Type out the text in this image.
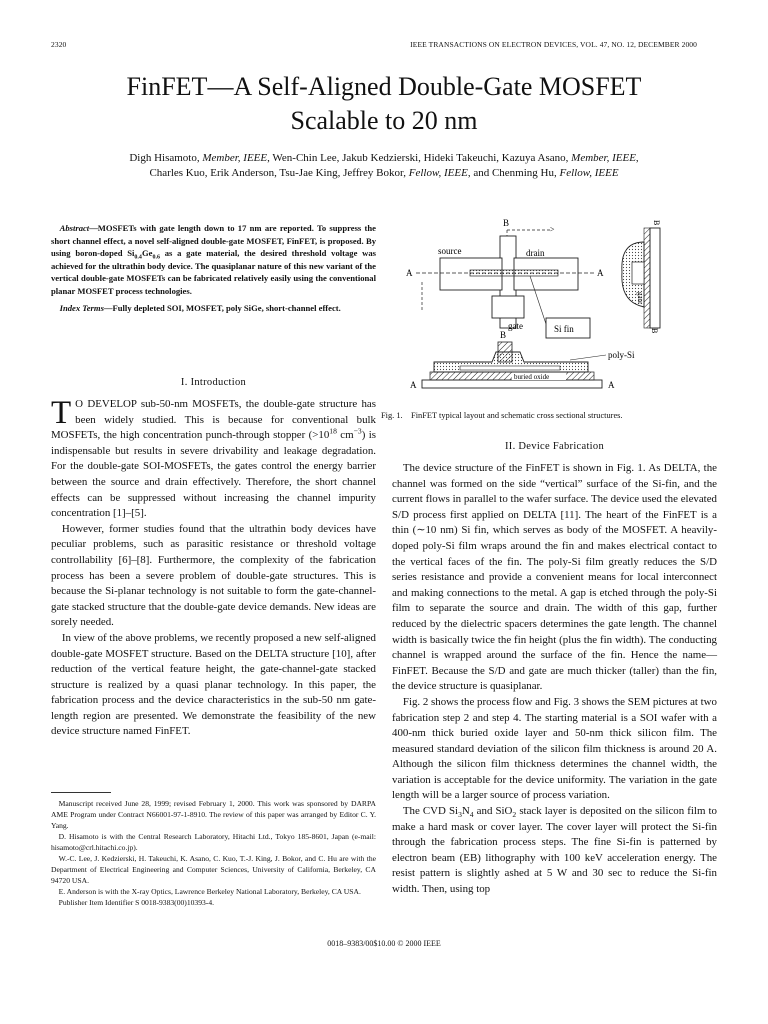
2320	IEEE TRANSACTIONS ON ELECTRON DEVICES, VOL. 47, NO. 12, DECEMBER 2000
FinFET—A Self-Aligned Double-Gate MOSFET
Scalable to 20 nm
Digh Hisamoto, Member, IEEE, Wen-Chin Lee, Jakub Kedzierski, Hideki Takeuchi, Kazuya Asano, Member, IEEE,
Charles Kuo, Erik Anderson, Tsu-Jae King, Jeffrey Bokor, Fellow, IEEE, and Chenming Hu, Fellow, IEEE

Abstract—MOSFETs with gate length down to 17 nm are reported. To suppress the short channel effect, a novel self-aligned double-gate MOSFET, FinFET, is proposed. By using boron-doped $Si_{0.4}Ge_{0.6}$ as a gate material, the desired threshold voltage was achieved for the ultrathin body device. The quasiplanar nature of this new variant of the vertical double-gate MOSFETs can be fabricated relatively easily using the conventional planar MOSFET process technologies.

Index Terms—Fully depleted SOI, MOSFET, poly SiGe, short-channel effect.

I. Introduction

T O DEVELOP sub-50-nm MOSFETs, the double-gate structure has been widely studied. This is because for conventional bulk MOSFETs, the high concentration punch-through stopper ($>10^{18}$ $cm^{-3}$) is indispensable but results in severe drivability and leakage degradation. For the double-gate SOI-MOSFETs, the gates control the energy barrier between the source and drain effectively. Therefore, the short channel effects can be suppressed without increasing the channel impurity concentration [1]–[5].

However, former studies found that the ultrathin body devices have peculiar problems, such as parasitic resistance or threshold voltage controllability [6]–[8]. Furthermore, the complexity of the fabrication process has been a severe problem of double-gate structures. This is because the Si-planar technology is not suitable to form the gate-channel-gate stacked structure that the double-gate device demands. New ideas are sorely needed.

In view of the above problems, we recently proposed a new self-aligned double-gate MOSFET structure. Based on the DELTA structure [10], after reduction of the vertical feature height, the gate-channel-gate stacked structure is realized by a quasi planar technology. In this paper, the fabrication process and the device characteristics in the sub-50 nm gate-length region are presented. We demonstrate the feasibility of the new device structure named FinFET.

Manuscript received June 28, 1999; revised February 1, 2000. This work was sponsored by DARPA AME Program under Contract N66001-97-1-8910. The review of this paper was arranged by Editor C. Y. Yang.

D. Hisamoto is with the Central Research Laboratory, Hitachi Ltd., Tokyo 185-8601, Japan (e-mail: hisamoto@crl.hitachi.co.jp).

W.-C. Lee, J. Kedzierski, H. Takeuchi, K. Asano, C. Kuo, T.-J. King, J. Bokor, and C. Hu are with the Department of Electrical Engineering and Computer Sciences, University of California, Berkeley, CA 94720 USA.

E. Anderson is with the X-ray Optics, Lawrence Berkeley National Laboratory, Berkeley, CA USA.

Publisher Item Identifier S 0018-9383(00)10393-4.

B
>
source	drain
A	A
gate
B
Si fin
B
gate
B
buried oxide
poly-Si
A	A
Fig. 1. FinFET typical layout and schematic cross sectional structures.
II. Device Fabrication

The device structure of the FinFET is shown in Fig. 1. As DELTA, the channel was formed on the side “vertical” surface of the Si-fin, and the current flows in parallel to the wafer surface. The device used the elevated S/D process first applied on DELTA [11]. The heart of the FinFET is a thin (∼10 nm) Si fin, which serves as body of the MOSFET. A heavily-doped poly-Si film wraps around the fin and makes electrical contact to the vertical faces of the fin. The poly-Si film greatly reduces the S/D series resistance and provide a convenient means for local interconnect and making connections to the metal. A gap is etched through the poly-Si film to separate the source and drain. The width of this gap, further reduced by the dielectric spacers determines the gate length. The channel width is basically twice the fin height (plus the fin width). The conducting channel is wrapped around the surface of the fin. Hence the name—FinFET. Because the S/D and gate are much thicker (taller) than the fin, the device structure is quasiplanar.

Fig. 2 shows the process flow and Fig. 3 shows the SEM pictures at two fabrication step 2 and step 4. The starting material is a SOI wafer with a 400-nm thick buried oxide layer and 50-nm thick silicon film. The measured standard deviation of the silicon film thickness is around 20 A. Although the silicon film thickness determines the channel width, the variation is acceptable for the device uniformity. The variation in the gate length will be a larger source of process variation.

The CVD $Si_3N_4$ and SiO$_2$ stack layer is deposited on the silicon film to make a hard mask or cover layer. The cover layer will protect the Si-fin through the fabrication process steps. The fine Si-fin is patterned by electron beam (EB) lithography with 100 keV acceleration energy. The resist pattern is slightly ashed at 5 W and 30 sec to reduce the Si-fin width. Then, using top

0018–9383/00$10.00 © 2000 IEEE
